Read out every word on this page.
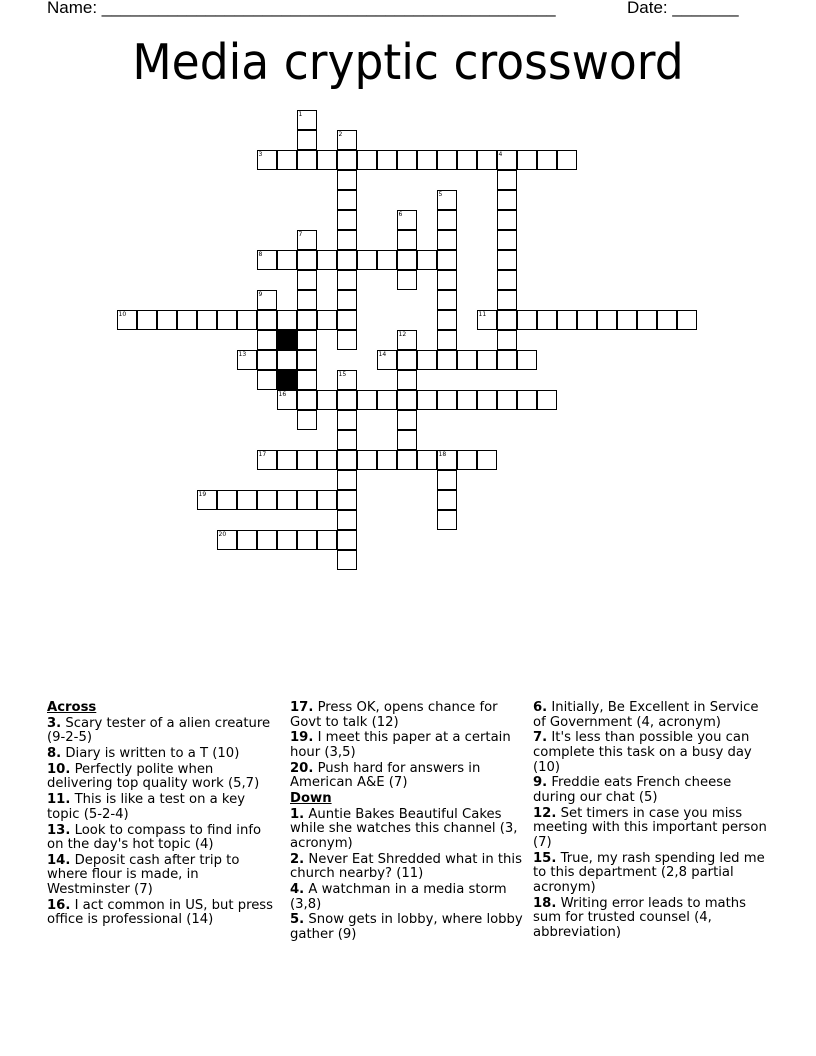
Name: ________________________________________________	Date: _______
Media cryptic crossword
1
2
3	4
5
6
7
8
9
10	11
12
13	14
15
16
17	18
19
20
Across
3. Scary tester of a alien creature (9-2-5)
8. Diary is written to a T (10)
10. Perfectly polite when delivering top quality work (5,7)
11. This is like a test on a key topic (5-2-4)
13. Look to compass to find info on the day's hot topic (4)
14. Deposit cash after trip to where flour is made, in Westminster (7)
16. I act common in US, but press office is professional (14)
17. Press OK, opens chance for Govt to talk (12)
19. I meet this paper at a certain hour (3,5)
20. Push hard for answers in American A&E (7)
Down
1. Auntie Bakes Beautiful Cakes while she watches this channel (3, acronym)
2. Never Eat Shredded what in this church nearby? (11)
4. A watchman in a media storm (3,8)
5. Snow gets in lobby, where lobby gather (9)
6. Initially, Be Excellent in Service of Government (4, acronym)
7. It's less than possible you can complete this task on a busy day (10)
9. Freddie eats French cheese during our chat (5)
12. Set timers in case you miss meeting with this important person (7)
15. True, my rash spending led me to this department (2,8 partial acronym)
18. Writing error leads to maths sum for trusted counsel (4, abbreviation)
